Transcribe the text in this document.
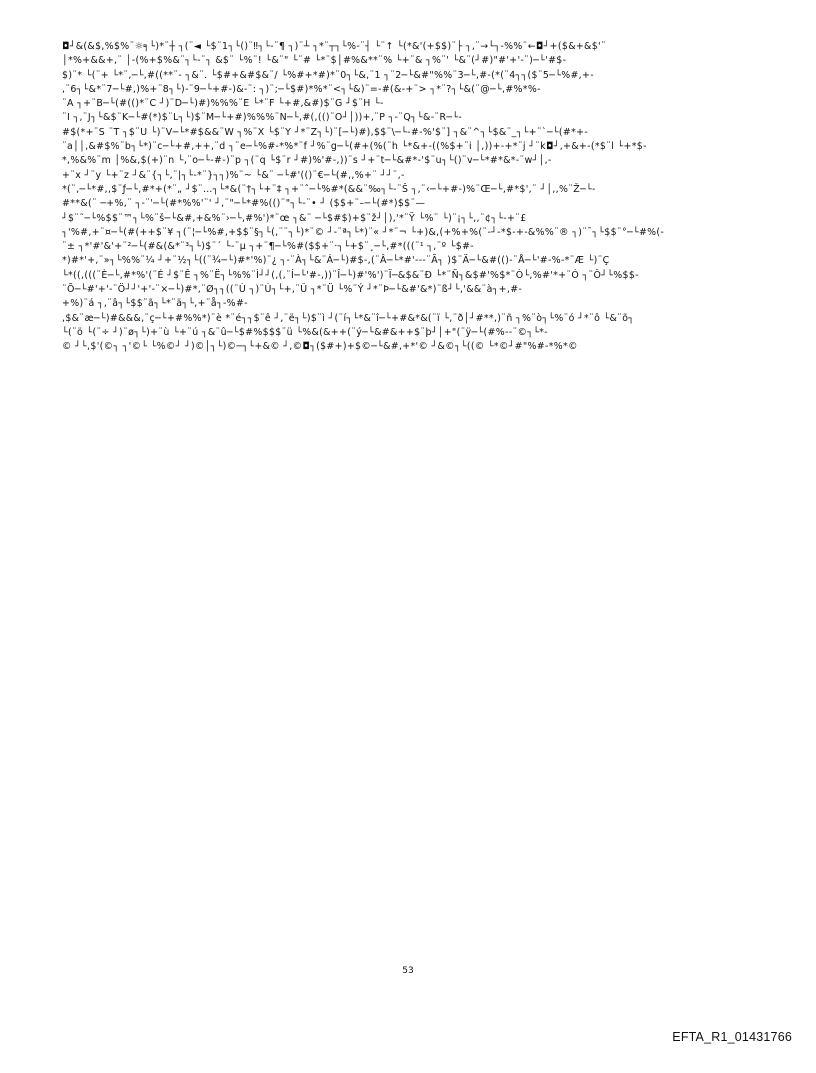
◘┘&(&$,%$%¨☼╕└)*¨┼ ┐(¨◄ └$¨1┐└()¨‼┐└-¨¶ ┐)¨┴ ┐*¨┬┐└%-¨┤ └¨↑ └(*&'(+$$)¨├ ┐,¨→└┐-%%¨←◘┘+($&+&$'¨
│*%+&&+,¨ │-(%+$%&¨┐└-¨┐ &$¨ └%¨! └&¨" └¨# └*¨$│#%&**¨% └+¨& ┐%¨' └&¨(┘#)"#'+'-¨)─└'#$-
$)¨* └(¨+ └*¨,─└,#((**¨- ┐&¨. └$#+&#$&¨/ └%#+*#)*¨0┐└&,¨1 ┐¨2─└&#"%%¨3─└,#-(*(¨4┐┐($¨5─└%#,+-
,¨6┐└&*¨7─└#,)%+¨8┐└)-¨9─└+#-)&-¨: ┐)¨;─└$#)*%*¨<┐└&)¨=-#(&-+¨> ┐*¨?┐└&(¨@─└,#%*%-
¨A ┐+¨B─└(#(()*¨C ┘)¨D─└)#)%%%¨E └*¨F └+#,&#)$¨G ┘$¨H └-
¨I ┐,¨J┐└&$¨K─└#(*)$¨L┐└)$¨M─└+#)%%%¨N─└,#(,(()¨O┘│))+,¨P ┐-¨Q┐└&-¨R─└-
#$(*+¨S ¨T ┐$¨U └)¨V─└*#$&&¨W ┐%¨X └$¨Y ┘*¨Z┐└)¨[─└)#),$$¨\─└-#-%'$¨] ┐&¨^┐└$&¨_┐└+¨`─└(#*+-
¨a││,&#$%¨b┐└*)¨c─└+#,++,¨d ┐¨e─└%#-*%*¨f ┘%¨g─└(#+(%(¨h └*&+-((%$+¨i │,))+-+*¨j ┘¨k◘┘,+&+-(*$¨l └+*$-
*,%&%¨m │%&,$(+)¨n └,¨o─└-#-)¨p ┐(¨q └$¨r ┘#)%'#-,))¨s ┘+¨t─└&#*-'$¨u┐└()¨v─└*#*&*-¨w┘│,-
+¨x ┘¨y └+¨z ┘&¨{┐└,¨|┐└-*¨}┐┐)%¨~ └&¨ ─└#'(()¨€─└(#,,%+¨ ┘┘¨‚-
*(¨,─└*#,,$¨ƒ─└,#*+(*¨„ ┘$¨…┐└*&(¨†┐└+¨‡ ┐+¨ˆ─└%#*(&&¨‰┐└-¨Š ┐,¨‹─└+#-)%¨Œ─└,#*$',¨ ┘│,,%¨Ž─└-
#**&(¨ ─+%,¨ ┐-¨'─└(#*%%'¨' ┘,¨"─└*#%(()¨"┐└-¨• ┘ ($$+¨–─└(#*)$$¨—
┘$¨˜─└%$$¨™┐└%¨š─└&#,+&%¨›─└,#%')*¨œ ┐&¨ ─└$#$)+$¨ž┘│),'*¨Ÿ └%¨ └)¨¡┐└,,¨¢┐└-+¨£
┐'%#,+¨¤─└(#(++$¨¥ ┐(¨¦─└%#,+$$¨§┐└(,¨¨┐└)*¨© ┘-¨ª┐└*)¨« ┘*¨¬ └+)&,(+%+%(¨-┘-*$-+-&%%¨® ┐)¨¯┐└$$¨°─└#%(-
¨± ┐*'#'&'+¨²─└(#&(&*¨³┐└)$¨´ └-¨µ ┐+¨¶─└%#($$+¨·┐└+$¨¸─└,#*(((¨¹ ┐,¨º └$#-
*)#*'+,¨»┐└%%¨¼ ┘+¨½┐└((¨¾─└)#*'%)¨¿ ┐-¨À┐└&¨Á─└)#$-,(¨Â─└*#'---¨Ã┐ )$¨Ä─└&#(()-¨Å─└'#-%-*¨Æ └)¨Ç
└*((,(((¨È─└,#*%'(¨É ┘$¨Ê ┐%¨Ë┐└%%¨Ì┘┘(,(,¨Í─└'#-,))¨Î─└)#'%')¨Ï─&$&¨Ð └*¨Ñ┐&$#'%$*¨Ò└,%#'*+¨Ó ┐¨Ô┘└%$$-
¨Õ─└#'+'-¨Ö┘┘'+'-¨×─└)#*,¨Ø┐┐((¨Ù ┐)¨Ú┐└+,¨Û ┐*¨Ü └%¨Ý ┘*¨Þ─└&#'&*)¨ß┘└,'&&¨à┐+,#-
+%)¨á ┐,¨â┐└$$¨ã┐└*¨ä┐└,+¨å┐-%#-
,$&¨æ─└)#&&&,¨ç─└+#%%*)¨è *¨é┐┐$¨ê ┘,¨ë┐└)$¨ì ┘(¨í┐└*&¨î─└+#&*&(¨ï └,¨ð│┘#**,)¨ñ ┐%¨ò┐└%¨ó ┘*¨ô └&¨õ┐
└(¨ö └(¨÷ ┘)¨ø┐└)+¨ù └+¨ú ┐&¨û─└$#%$$$¨ü └%&(&++(¨ý─└&#&++$¨þ┘│+"(¨ÿ─└(#%--¨©┐└*-
© ┘└,$'(©┐ ┐'©└ └%©┘ ┘)©│┐└)©─┐└+&© ┘,©◘┐($#+)+$©─└&#,+*'© ┘&©┐└((© └*©┘#"%#-*%*©
53
EFTA_R1_01431766
